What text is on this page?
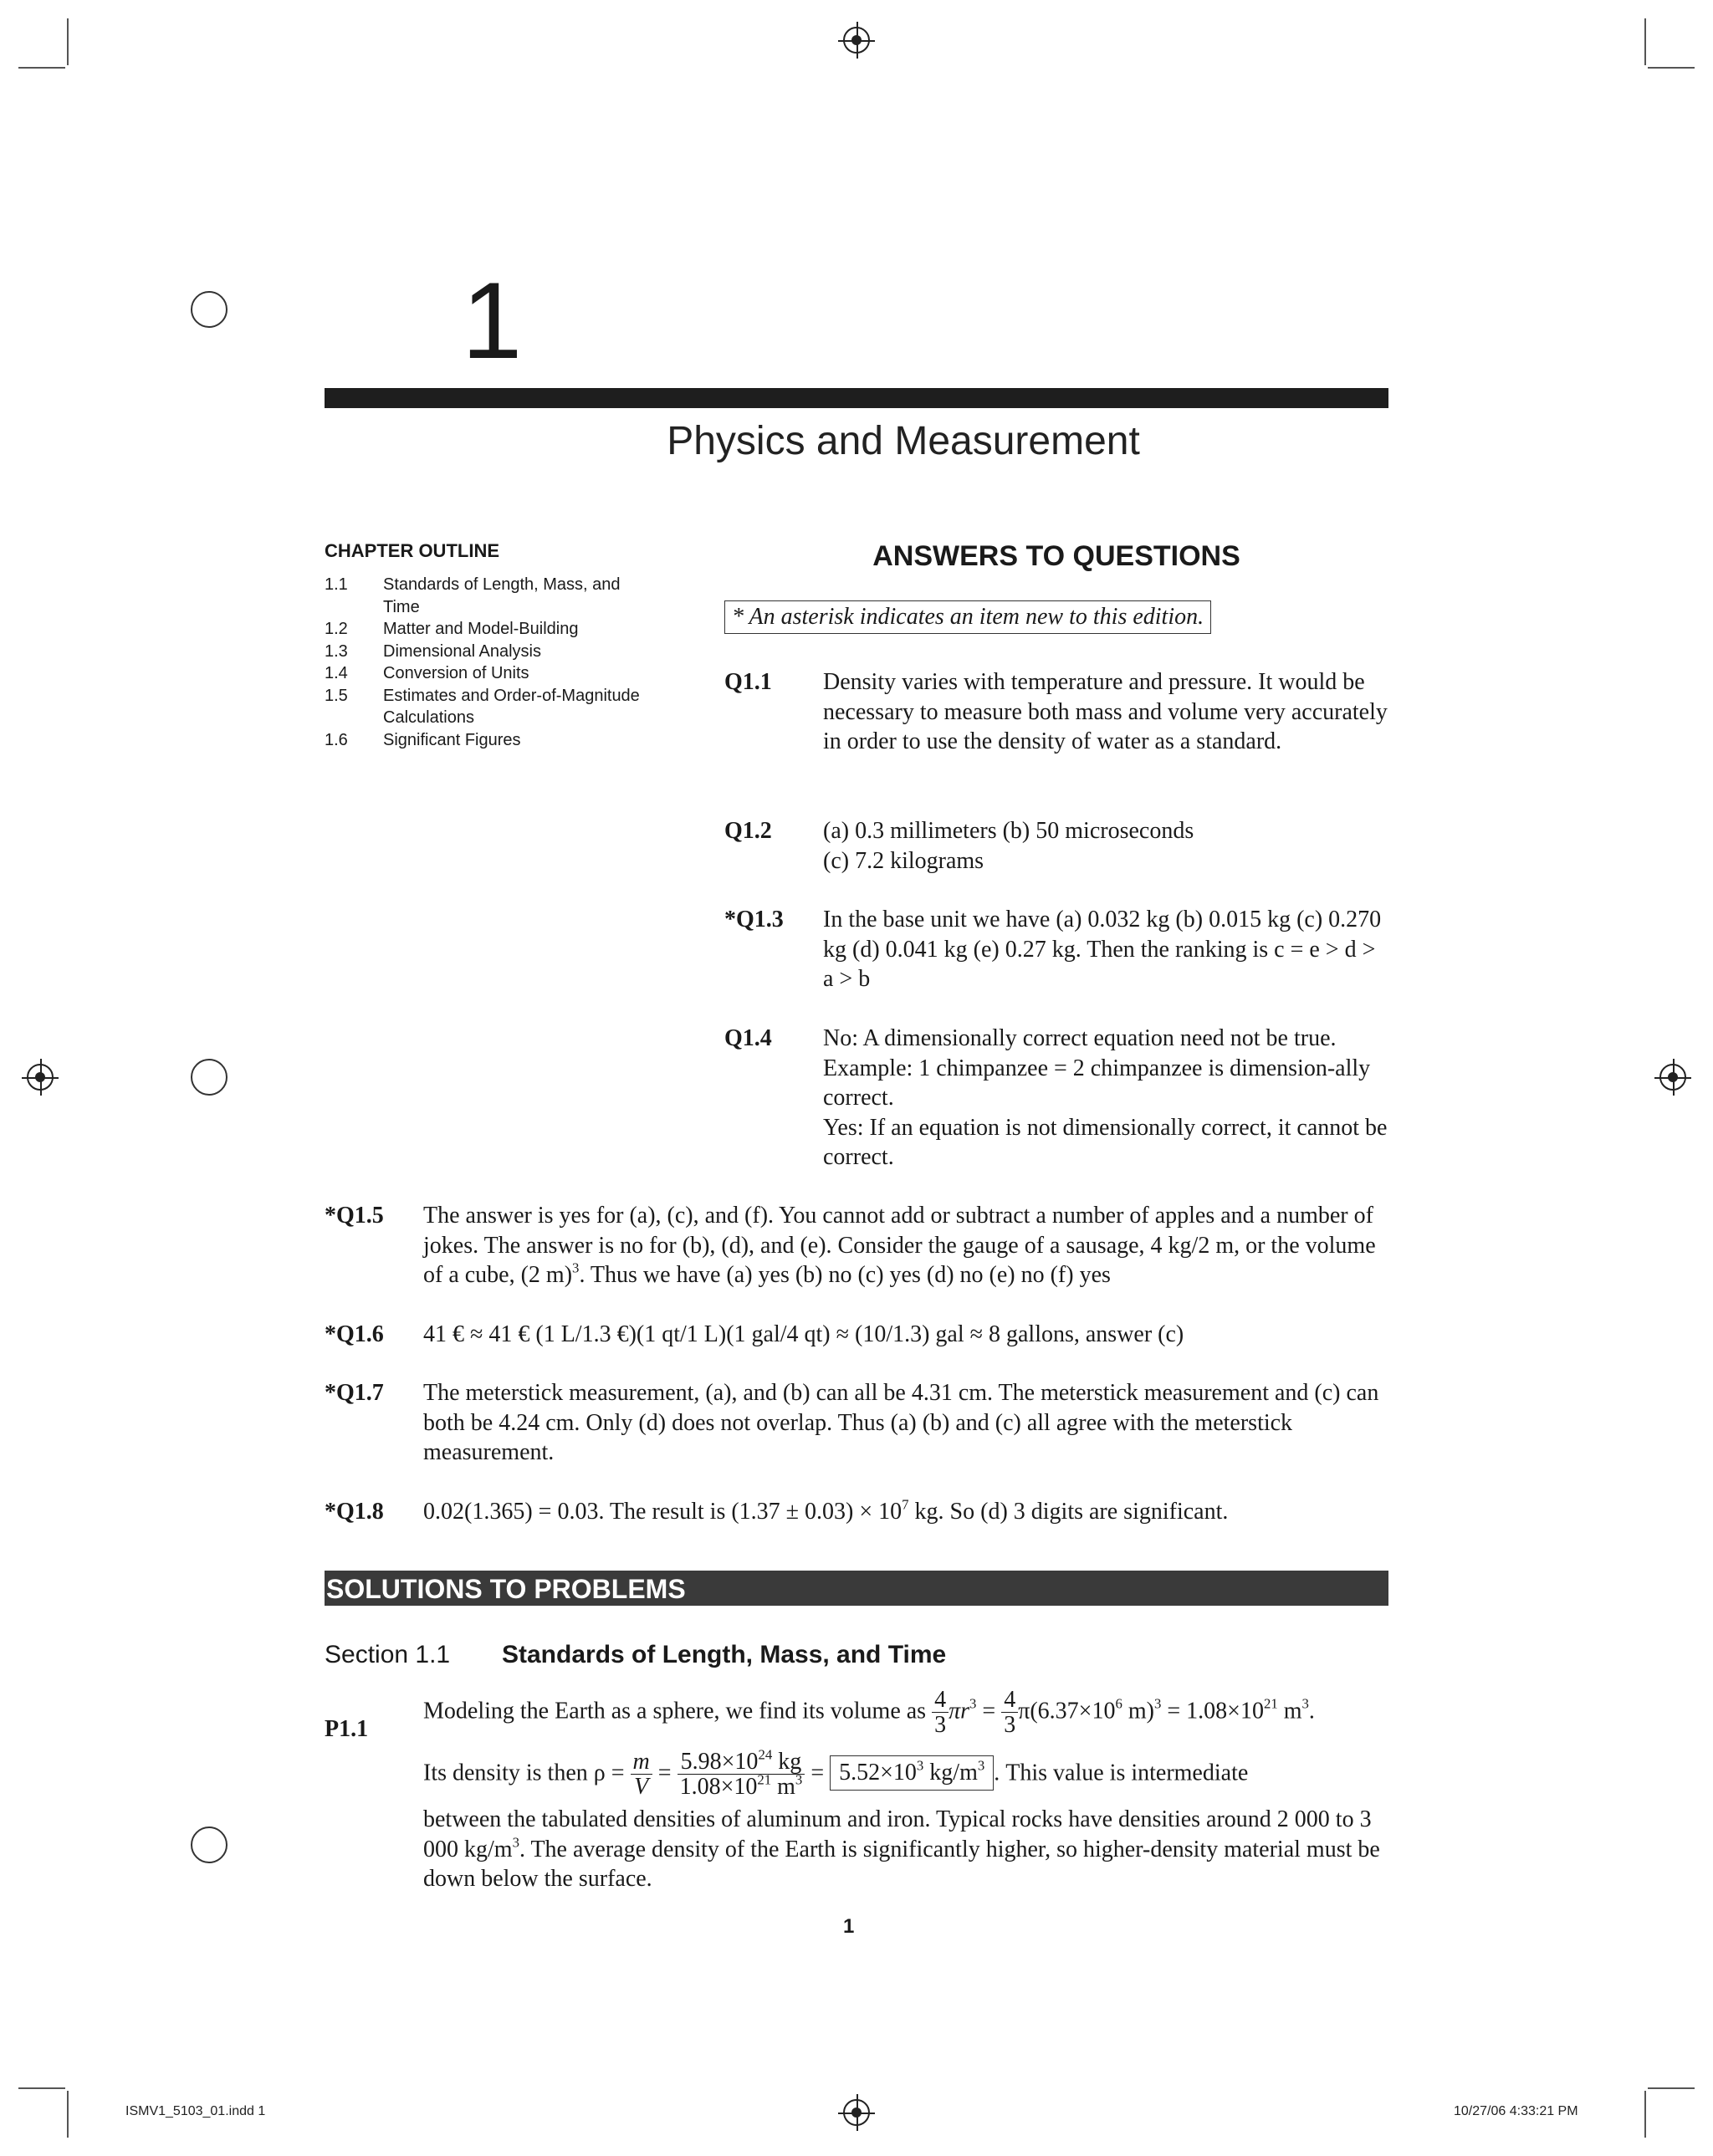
1
Physics and Measurement
CHAPTER OUTLINE
1.1	Standards of Length, Mass, and Time
1.2	Matter and Model-Building
1.3	Dimensional Analysis
1.4	Conversion of Units
1.5	Estimates and Order-of-Magnitude Calculations
1.6	Significant Figures
ANSWERS TO QUESTIONS
* An asterisk indicates an item new to this edition.
Q1.1 Density varies with temperature and pressure. It would be necessary to measure both mass and volume very accurately in order to use the density of water as a standard.
Q1.2 (a) 0.3 millimeters (b) 50 microseconds
(c) 7.2 kilograms
*Q1.3 In the base unit we have (a) 0.032 kg (b) 0.015 kg (c) 0.270 kg (d) 0.041 kg (e) 0.27 kg. Then the ranking is c = e > d > a > b
Q1.4 No: A dimensionally correct equation need not be true. Example: 1 chimpanzee = 2 chimpanzee is dimension-ally correct.
Yes: If an equation is not dimensionally correct, it cannot be correct.
*Q1.5 The answer is yes for (a), (c), and (f). You cannot add or subtract a number of apples and a number of jokes. The answer is no for (b), (d), and (e). Consider the gauge of a sausage, 4 kg/2 m, or the volume of a cube, (2 m)$^3$. Thus we have (a) yes (b) no (c) yes (d) no (e) no (f) yes
*Q1.6 41 € ≈ 41 € (1 L/1.3 €)(1 qt/1 L)(1 gal/4 qt) ≈ (10/1.3) gal ≈ 8 gallons, answer (c)
*Q1.7 The meterstick measurement, (a), and (b) can all be 4.31 cm. The meterstick measurement and (c) can both be 4.24 cm. Only (d) does not overlap. Thus (a) (b) and (c) all agree with the meterstick measurement.
*Q1.8 0.02(1.365) = 0.03. The result is $(1.37 \pm 0.03) \times 10^7$ kg. So (d) 3 digits are significant.
SOLUTIONS TO PROBLEMS
Section 1.1 Standards of Length, Mass, and Time
P1.1
Modeling the Earth as a sphere, we find its volume as $\frac{4}{3} \pi r^3 = \frac{4}{3} \pi(6.37\times 10^6$ $m)^3 = 1.08\times 10^{21}$ $m^3$.
Its density is then $\rho = \frac{m}{V} = \frac{5.98\times 10^{24} kg}{1.08\times 10^{21} m^3} = 5.52\times 10^3$ $kg/m^3$ . This value is intermediate
between the tabulated densities of aluminum and iron. Typical rocks have densities around 2 000 to 3 000 $kg/m^3$. The average density of the Earth is significantly higher, so higher-density material must be down below the surface.
1
ISMV1_5103_01.indd 1	10/27/06 4:33:21 PM
